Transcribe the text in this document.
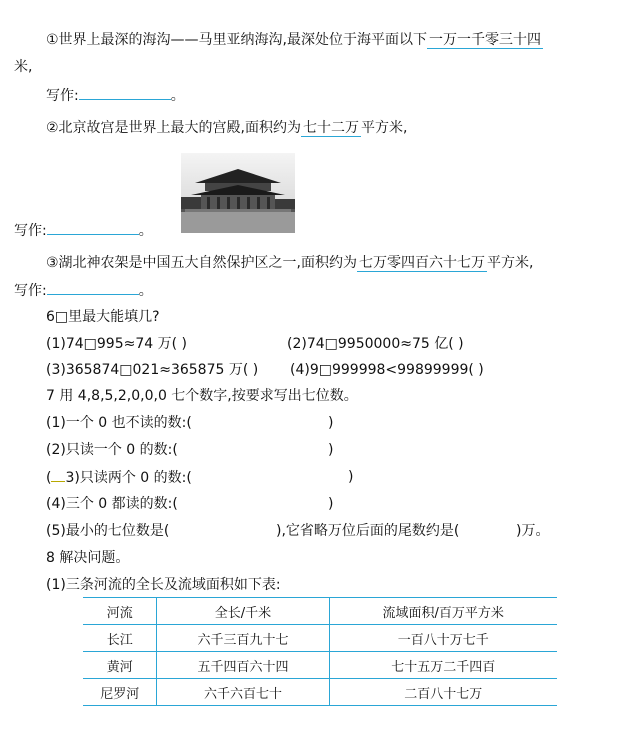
①世界上最深的海沟——马里亚纳海沟,最深处位于海平面以下 一万一千零三十四
米,
写作:	。
②北京故宫是世界上最大的宫殿,面积约为 七十二万 平方米,
写作:	。
③湖北神农架是中国五大自然保护区之一,面积约为 七万零四百六十七万 平方米,
写作:	。
6□里最大能填几?
(1)74□995≈74 万( )	(2)74□9950000≈75 亿( )
(3)365874□021≈365875 万( ) (4)9□999998<99899999( )
7 用 4,8,5,2,0,0,0 七个数字,按要求写出七位数。
(1)一个 0 也不读的数:(	)
(2)只读一个 0 的数:(	)
( 3)只读两个 0 的数:(	)
(4)三个 0 都读的数:(	)
(5)最小的七位数是(	),它省略万位后面的尾数约是(	)万。
8 解决问题。
(1)三条河流的全长及流域面积如下表:
河流	全长/千米	流域面积/百万平方米
长江	六千三百九十七	一百八十万七千
黄河	五千四百六十四	七十五万二千四百
尼罗河	六千六百七十	二百八十七万
